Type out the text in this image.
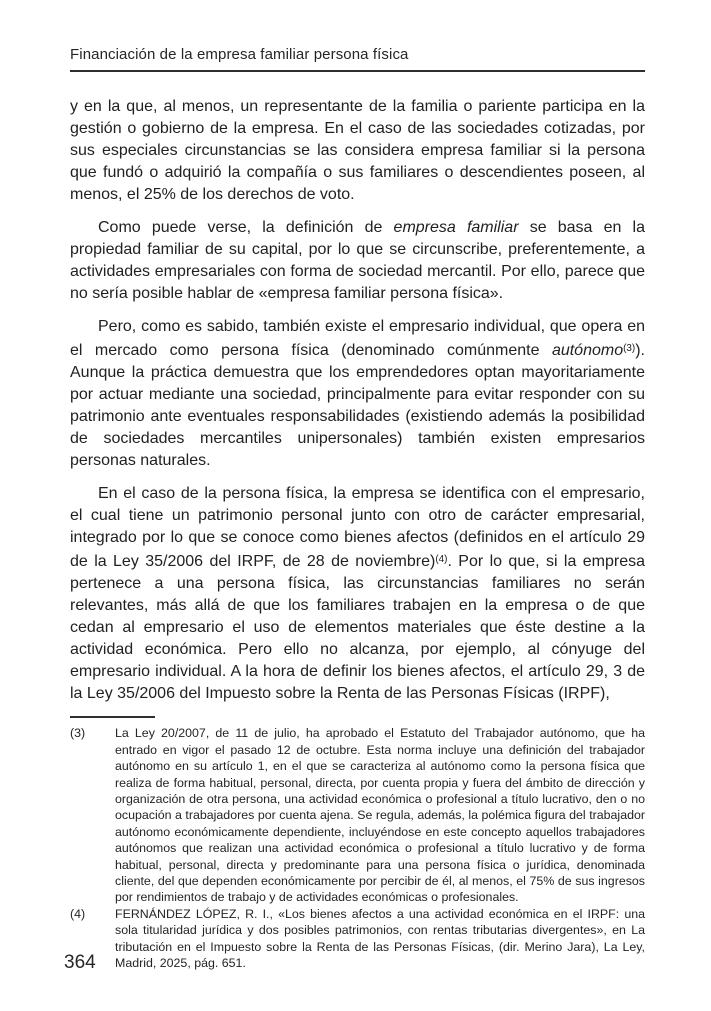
Financiación de la empresa familiar persona física

y en la que, al menos, un representante de la familia o pariente participa en la gestión o gobierno de la empresa. En el caso de las sociedades cotizadas, por sus especiales circunstancias se las considera empresa familiar si la persona que fundó o adquirió la compañía o sus familiares o descendientes poseen, al menos, el 25% de los derechos de voto.

Como puede verse, la definición de empresa familiar se basa en la propiedad familiar de su capital, por lo que se circunscribe, preferentemente, a actividades empresariales con forma de sociedad mercantil. Por ello, parece que no sería posible hablar de «empresa familiar persona física».

Pero, como es sabido, también existe el empresario individual, que opera en el mercado como persona física (denominado comúnmente autónomo$^{(3)}$). Aunque la práctica demuestra que los emprendedores optan mayoritariamente por actuar mediante una sociedad, principalmente para evitar responder con su patrimonio ante eventuales responsabilidades (existiendo además la posibilidad de sociedades mercantiles unipersonales) también existen empresarios personas naturales.

En el caso de la persona física, la empresa se identifica con el empresario, el cual tiene un patrimonio personal junto con otro de carácter empresarial, integrado por lo que se conoce como bienes afectos (definidos en el artículo 29 de la Ley 35/2006 del IRPF, de 28 de noviembre)$^{(4)}$. Por lo que, si la empresa pertenece a una persona física, las circunstancias familiares no serán relevantes, más allá de que los familiares trabajen en la empresa o de que cedan al empresario el uso de elementos materiales que éste destine a la actividad económica. Pero ello no alcanza, por ejemplo, al cónyuge del empresario individual. A la hora de definir los bienes afectos, el artículo 29, 3 de la Ley 35/2006 del Impuesto sobre la Renta de las Personas Físicas (IRPF),

(3) La Ley 20/2007, de 11 de julio, ha aprobado el Estatuto del Trabajador autónomo, que ha entrado en vigor el pasado 12 de octubre. Esta norma incluye una definición del trabajador autónomo en su artículo 1, en el que se caracteriza al autónomo como la persona física que realiza de forma habitual, personal, directa, por cuenta propia y fuera del ámbito de dirección y organización de otra persona, una actividad económica o profesional a título lucrativo, den o no ocupación a trabajadores por cuenta ajena. Se regula, además, la polémica figura del trabajador autónomo económicamente dependiente, incluyéndose en este concepto aquellos trabajadores autónomos que realizan una actividad económica o profesional a título lucrativo y de forma habitual, personal, directa y predominante para una persona física o jurídica, denominada cliente, del que dependen económicamente por percibir de él, al menos, el 75% de sus ingresos por rendimientos de trabajo y de actividades económicas o profesionales.
(4) FERNÁNDEZ LÓPEZ, R. I., «Los bienes afectos a una actividad económica en el IRPF: una sola titularidad jurídica y dos posibles patrimonios, con rentas tributarias divergentes», en La tributación en el Impuesto sobre la Renta de las Personas Físicas, (dir. Merino Jara), La Ley, Madrid, 2025, pág. 651.
364
